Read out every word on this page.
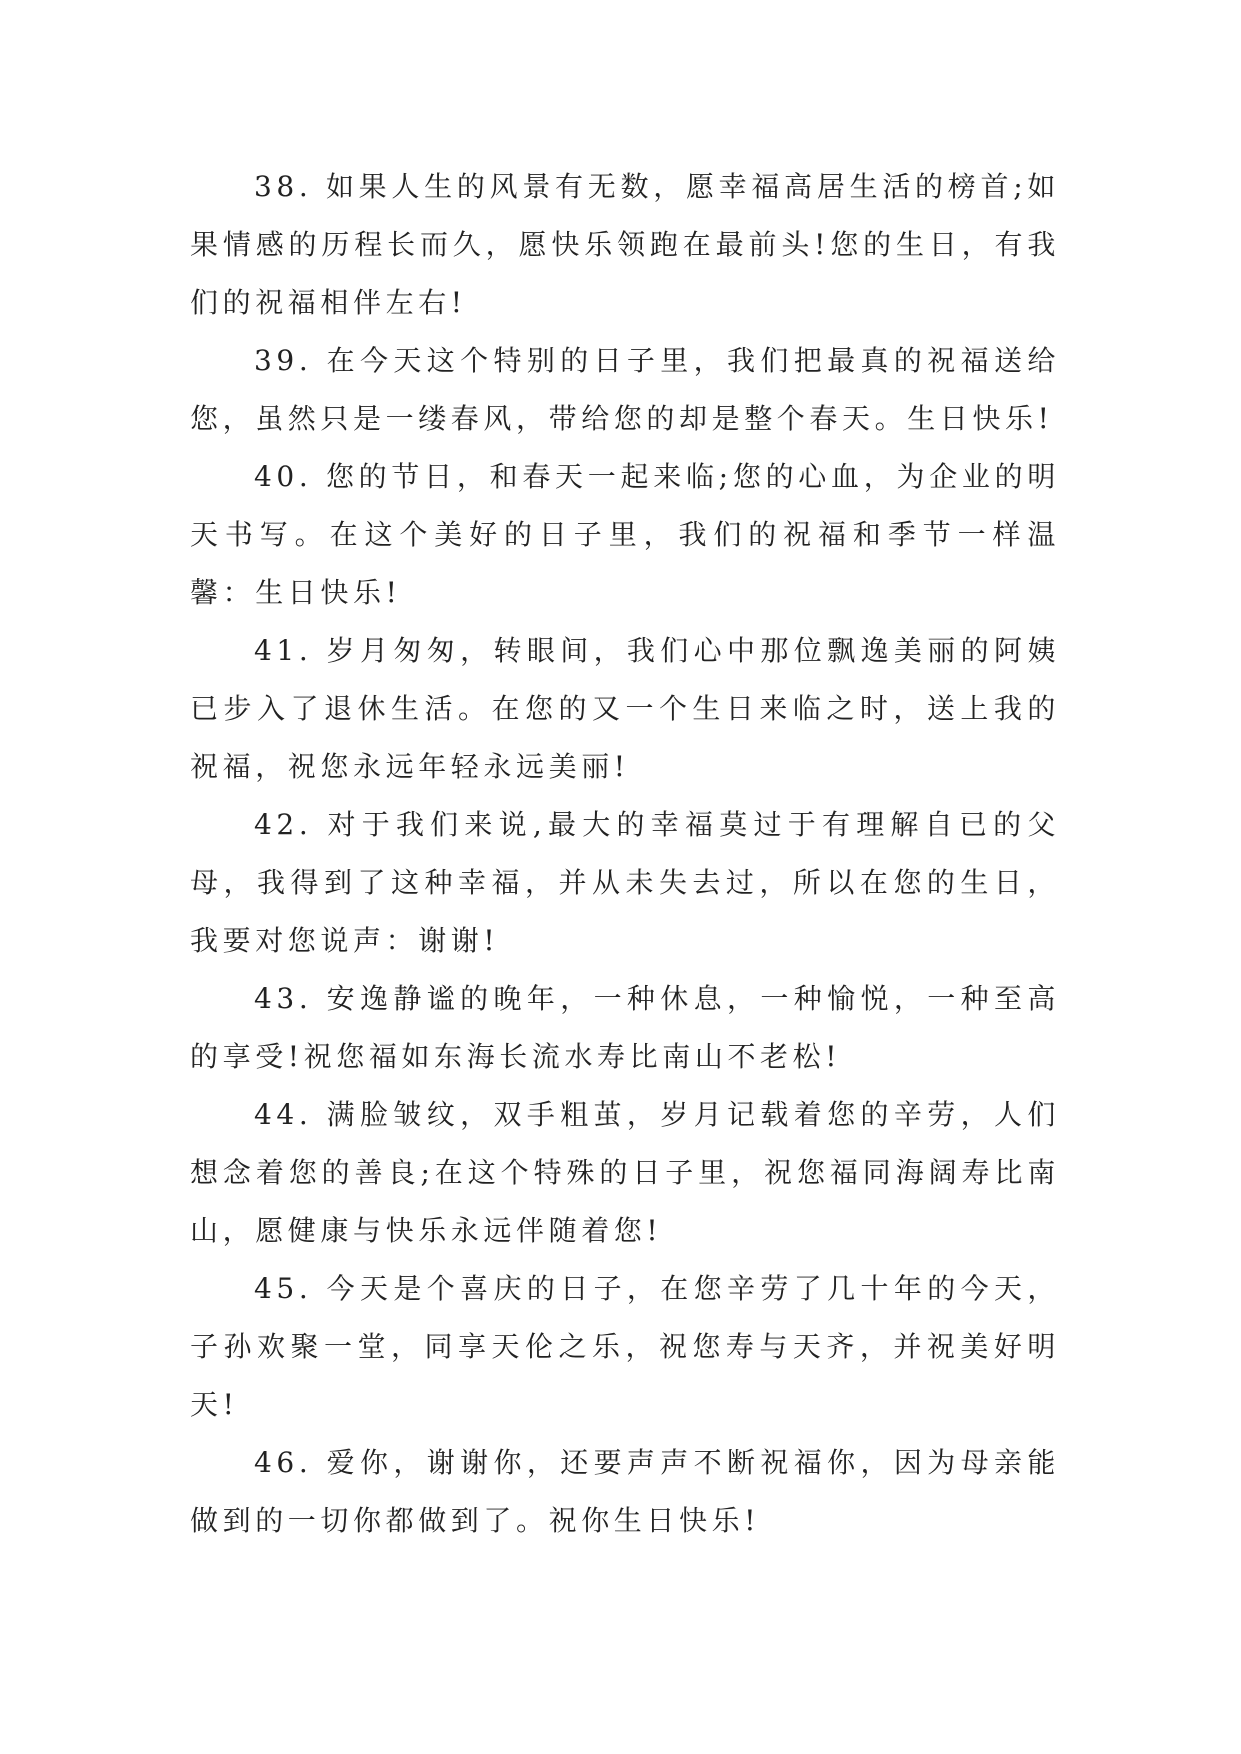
38. 如果人生的风景有无数，愿幸福高居生活的榜首;如果情感的历程长而久，愿快乐领跑在最前头!您的生日，有我们的祝福相伴左右!

39. 在今天这个特别的日子里，我们把最真的祝福送给您，虽然只是一缕春风，带给您的却是整个春天。生日快乐!

40. 您的节日，和春天一起来临;您的心血，为企业的明天书写。在这个美好的日子里，我们的祝福和季节一样温馨：生日快乐!

41. 岁月匆匆，转眼间，我们心中那位飘逸美丽的阿姨已步入了退休生活。在您的又一个生日来临之时，送上我的祝福，祝您永远年轻永远美丽!

42. 对于我们来说,最大的幸福莫过于有理解自已的父母，我得到了这种幸福，并从未失去过，所以在您的生日，我要对您说声：谢谢!

43. 安逸静谧的晚年，一种休息，一种愉悦，一种至高的享受!祝您福如东海长流水寿比南山不老松!

44. 满脸皱纹，双手粗茧，岁月记载着您的辛劳，人们想念着您的善良;在这个特殊的日子里，祝您福同海阔寿比南山，愿健康与快乐永远伴随着您!

45. 今天是个喜庆的日子，在您辛劳了几十年的今天，子孙欢聚一堂，同享天伦之乐，祝您寿与天齐，并祝美好明天!

46. 爱你，谢谢你，还要声声不断祝福你，因为母亲能做到的一切你都做到了。祝你生日快乐!
